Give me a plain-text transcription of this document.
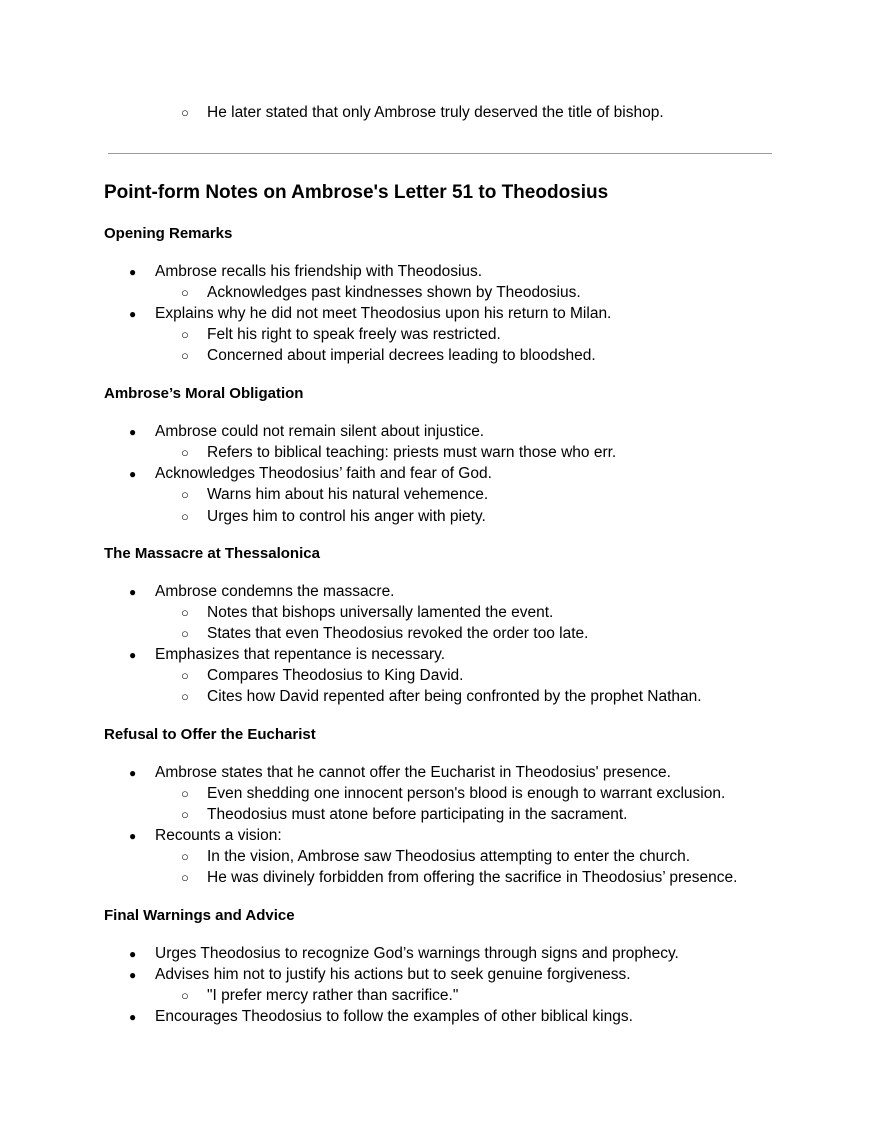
○ He later stated that only Ambrose truly deserved the title of bishop.
Point-form Notes on Ambrose's Letter 51 to Theodosius
Opening Remarks
● Ambrose recalls his friendship with Theodosius.
○ Acknowledges past kindnesses shown by Theodosius.
● Explains why he did not meet Theodosius upon his return to Milan.
○ Felt his right to speak freely was restricted.
○ Concerned about imperial decrees leading to bloodshed.
Ambrose’s Moral Obligation
● Ambrose could not remain silent about injustice.
○ Refers to biblical teaching: priests must warn those who err.
● Acknowledges Theodosius’ faith and fear of God.
○ Warns him about his natural vehemence.
○ Urges him to control his anger with piety.
The Massacre at Thessalonica
● Ambrose condemns the massacre.
○ Notes that bishops universally lamented the event.
○ States that even Theodosius revoked the order too late.
● Emphasizes that repentance is necessary.
○ Compares Theodosius to King David.
○ Cites how David repented after being confronted by the prophet Nathan.
Refusal to Offer the Eucharist
● Ambrose states that he cannot offer the Eucharist in Theodosius' presence.
○ Even shedding one innocent person's blood is enough to warrant exclusion.
○ Theodosius must atone before participating in the sacrament.
● Recounts a vision:
○ In the vision, Ambrose saw Theodosius attempting to enter the church.
○ He was divinely forbidden from offering the sacrifice in Theodosius’ presence.
Final Warnings and Advice
● Urges Theodosius to recognize God’s warnings through signs and prophecy.
● Advises him not to justify his actions but to seek genuine forgiveness.
○ "I prefer mercy rather than sacrifice."
● Encourages Theodosius to follow the examples of other biblical kings.
